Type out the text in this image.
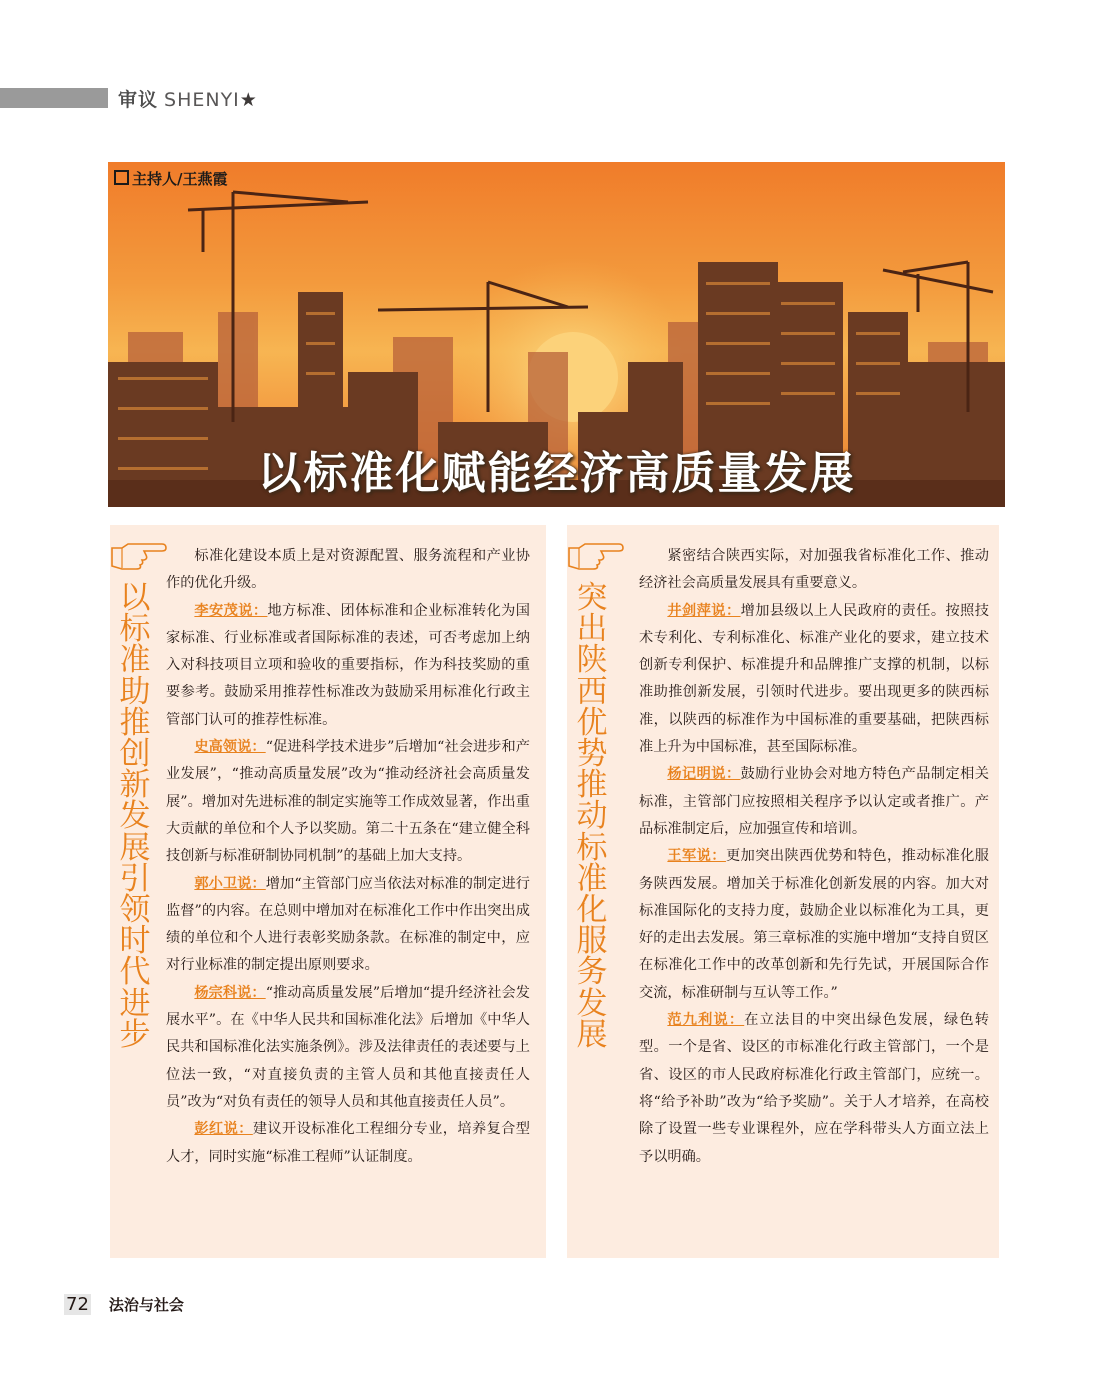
审议 SHENYI★
主持人/王燕霞
以标准化赋能经济高质量发展
以标准助推创新发展引领时代进步

标准化建设本质上是对资源配置、服务流程和产业协作的优化升级。

李安茂说：地方标准、团体标准和企业标准转化为国家标准、行业标准或者国际标准的表述，可否考虑加上纳入对科技项目立项和验收的重要指标，作为科技奖励的重要参考。鼓励采用推荐性标准改为鼓励采用标准化行政主管部门认可的推荐性标准。

史高领说：“促进科学技术进步”后增加“社会进步和产业发展”，“推动高质量发展”改为“推动经济社会高质量发展”。增加对先进标准的制定实施等工作成效显著，作出重大贡献的单位和个人予以奖励。第二十五条在“建立健全科技创新与标准研制协同机制”的基础上加大支持。

郭小卫说：增加“主管部门应当依法对标准的制定进行监督”的内容。在总则中增加对在标准化工作中作出突出成绩的单位和个人进行表彰奖励条款。在标准的制定中，应对行业标准的制定提出原则要求。

杨宗科说：“推动高质量发展”后增加“提升经济社会发展水平”。在《中华人民共和国标准化法》后增加《中华人民共和国标准化法实施条例》。涉及法律责任的表述要与上位法一致，“对直接负责的主管人员和其他直接责任人员”改为“对负有责任的领导人员和其他直接责任人员”。

彭红说：建议开设标准化工程细分专业，培养复合型人才，同时实施“标准工程师”认证制度。

突出陕西优势推动标准化服务发展

紧密结合陕西实际，对加强我省标准化工作、推动经济社会高质量发展具有重要意义。

井剑萍说：增加县级以上人民政府的责任。按照技术专利化、专利标准化、标准产业化的要求，建立技术创新专利保护、标准提升和品牌推广支撑的机制，以标准助推创新发展，引领时代进步。要出现更多的陕西标准，以陕西的标准作为中国标准的重要基础，把陕西标准上升为中国标准，甚至国际标准。

杨记明说：鼓励行业协会对地方特色产品制定相关标准，主管部门应按照相关程序予以认定或者推广。产品标准制定后，应加强宣传和培训。

王军说：更加突出陕西优势和特色，推动标准化服务陕西发展。增加关于标准化创新发展的内容。加大对标准国际化的支持力度，鼓励企业以标准化为工具，更好的走出去发展。第三章标准的实施中增加“支持自贸区在标准化工作中的改革创新和先行先试，开展国际合作交流，标准研制与互认等工作。”

范九利说：在立法目的中突出绿色发展，绿色转型。一个是省、设区的市标准化行政主管部门，一个是省、设区的市人民政府标准化行政主管部门，应统一。将“给予补助”改为“给予奖励”。关于人才培养，在高校除了设置一些专业课程外，应在学科带头人方面立法上予以明确。

72 法治与社会
